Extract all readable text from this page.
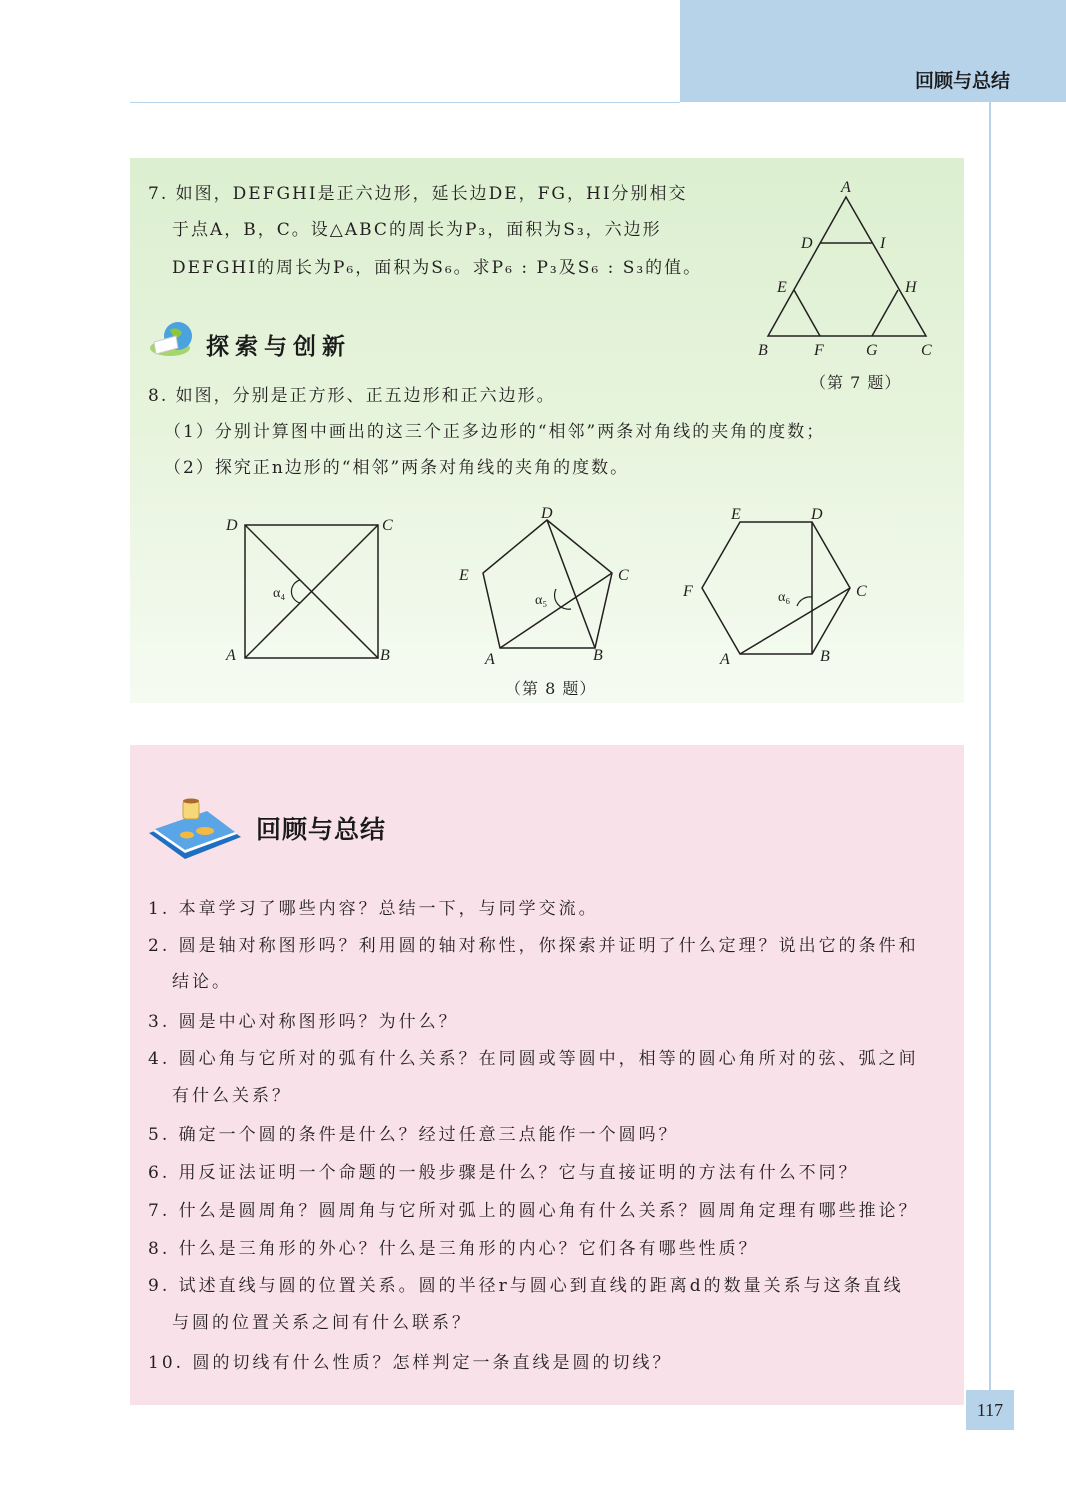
回顾与总结
7. 如图，DEFGHI是正六边形，延长边DE，FG，HI分别相交
于点A，B，C。设△ABC的周长为P₃，面积为S₃，六边形
DEFGHI的周长为P₆，面积为S₆。求P₆ : P₃及S₆ : S₃的值。
A
D	I
E	H
B	F	G	C
（第 7 题）
探索与创新
8. 如图，分别是正方形、正五边形和正六边形。
（1）分别计算图中画出的这三个正多边形的“相邻”两条对角线的夹角的度数；
（2）探究正n边形的“相邻”两条对角线的夹角的度数。
D	C
A	B
α₄
D
C
E
A	B
α₅
（第 8 题）
E	D
C
F
A	B
α₆
回顾与总结
1. 本章学习了哪些内容？总结一下，与同学交流。
2. 圆是轴对称图形吗？利用圆的轴对称性，你探索并证明了什么定理？说出它的条件和
结论。
3. 圆是中心对称图形吗？为什么？
4. 圆心角与它所对的弧有什么关系？在同圆或等圆中，相等的圆心角所对的弦、弧之间
有什么关系？
5. 确定一个圆的条件是什么？经过任意三点能作一个圆吗？
6. 用反证法证明一个命题的一般步骤是什么？它与直接证明的方法有什么不同？
7. 什么是圆周角？圆周角与它所对弧上的圆心角有什么关系？圆周角定理有哪些推论？
8. 什么是三角形的外心？什么是三角形的内心？它们各有哪些性质？
9. 试述直线与圆的位置关系。圆的半径r与圆心到直线的距离d的数量关系与这条直线
与圆的位置关系之间有什么联系？
10. 圆的切线有什么性质？怎样判定一条直线是圆的切线？
117
